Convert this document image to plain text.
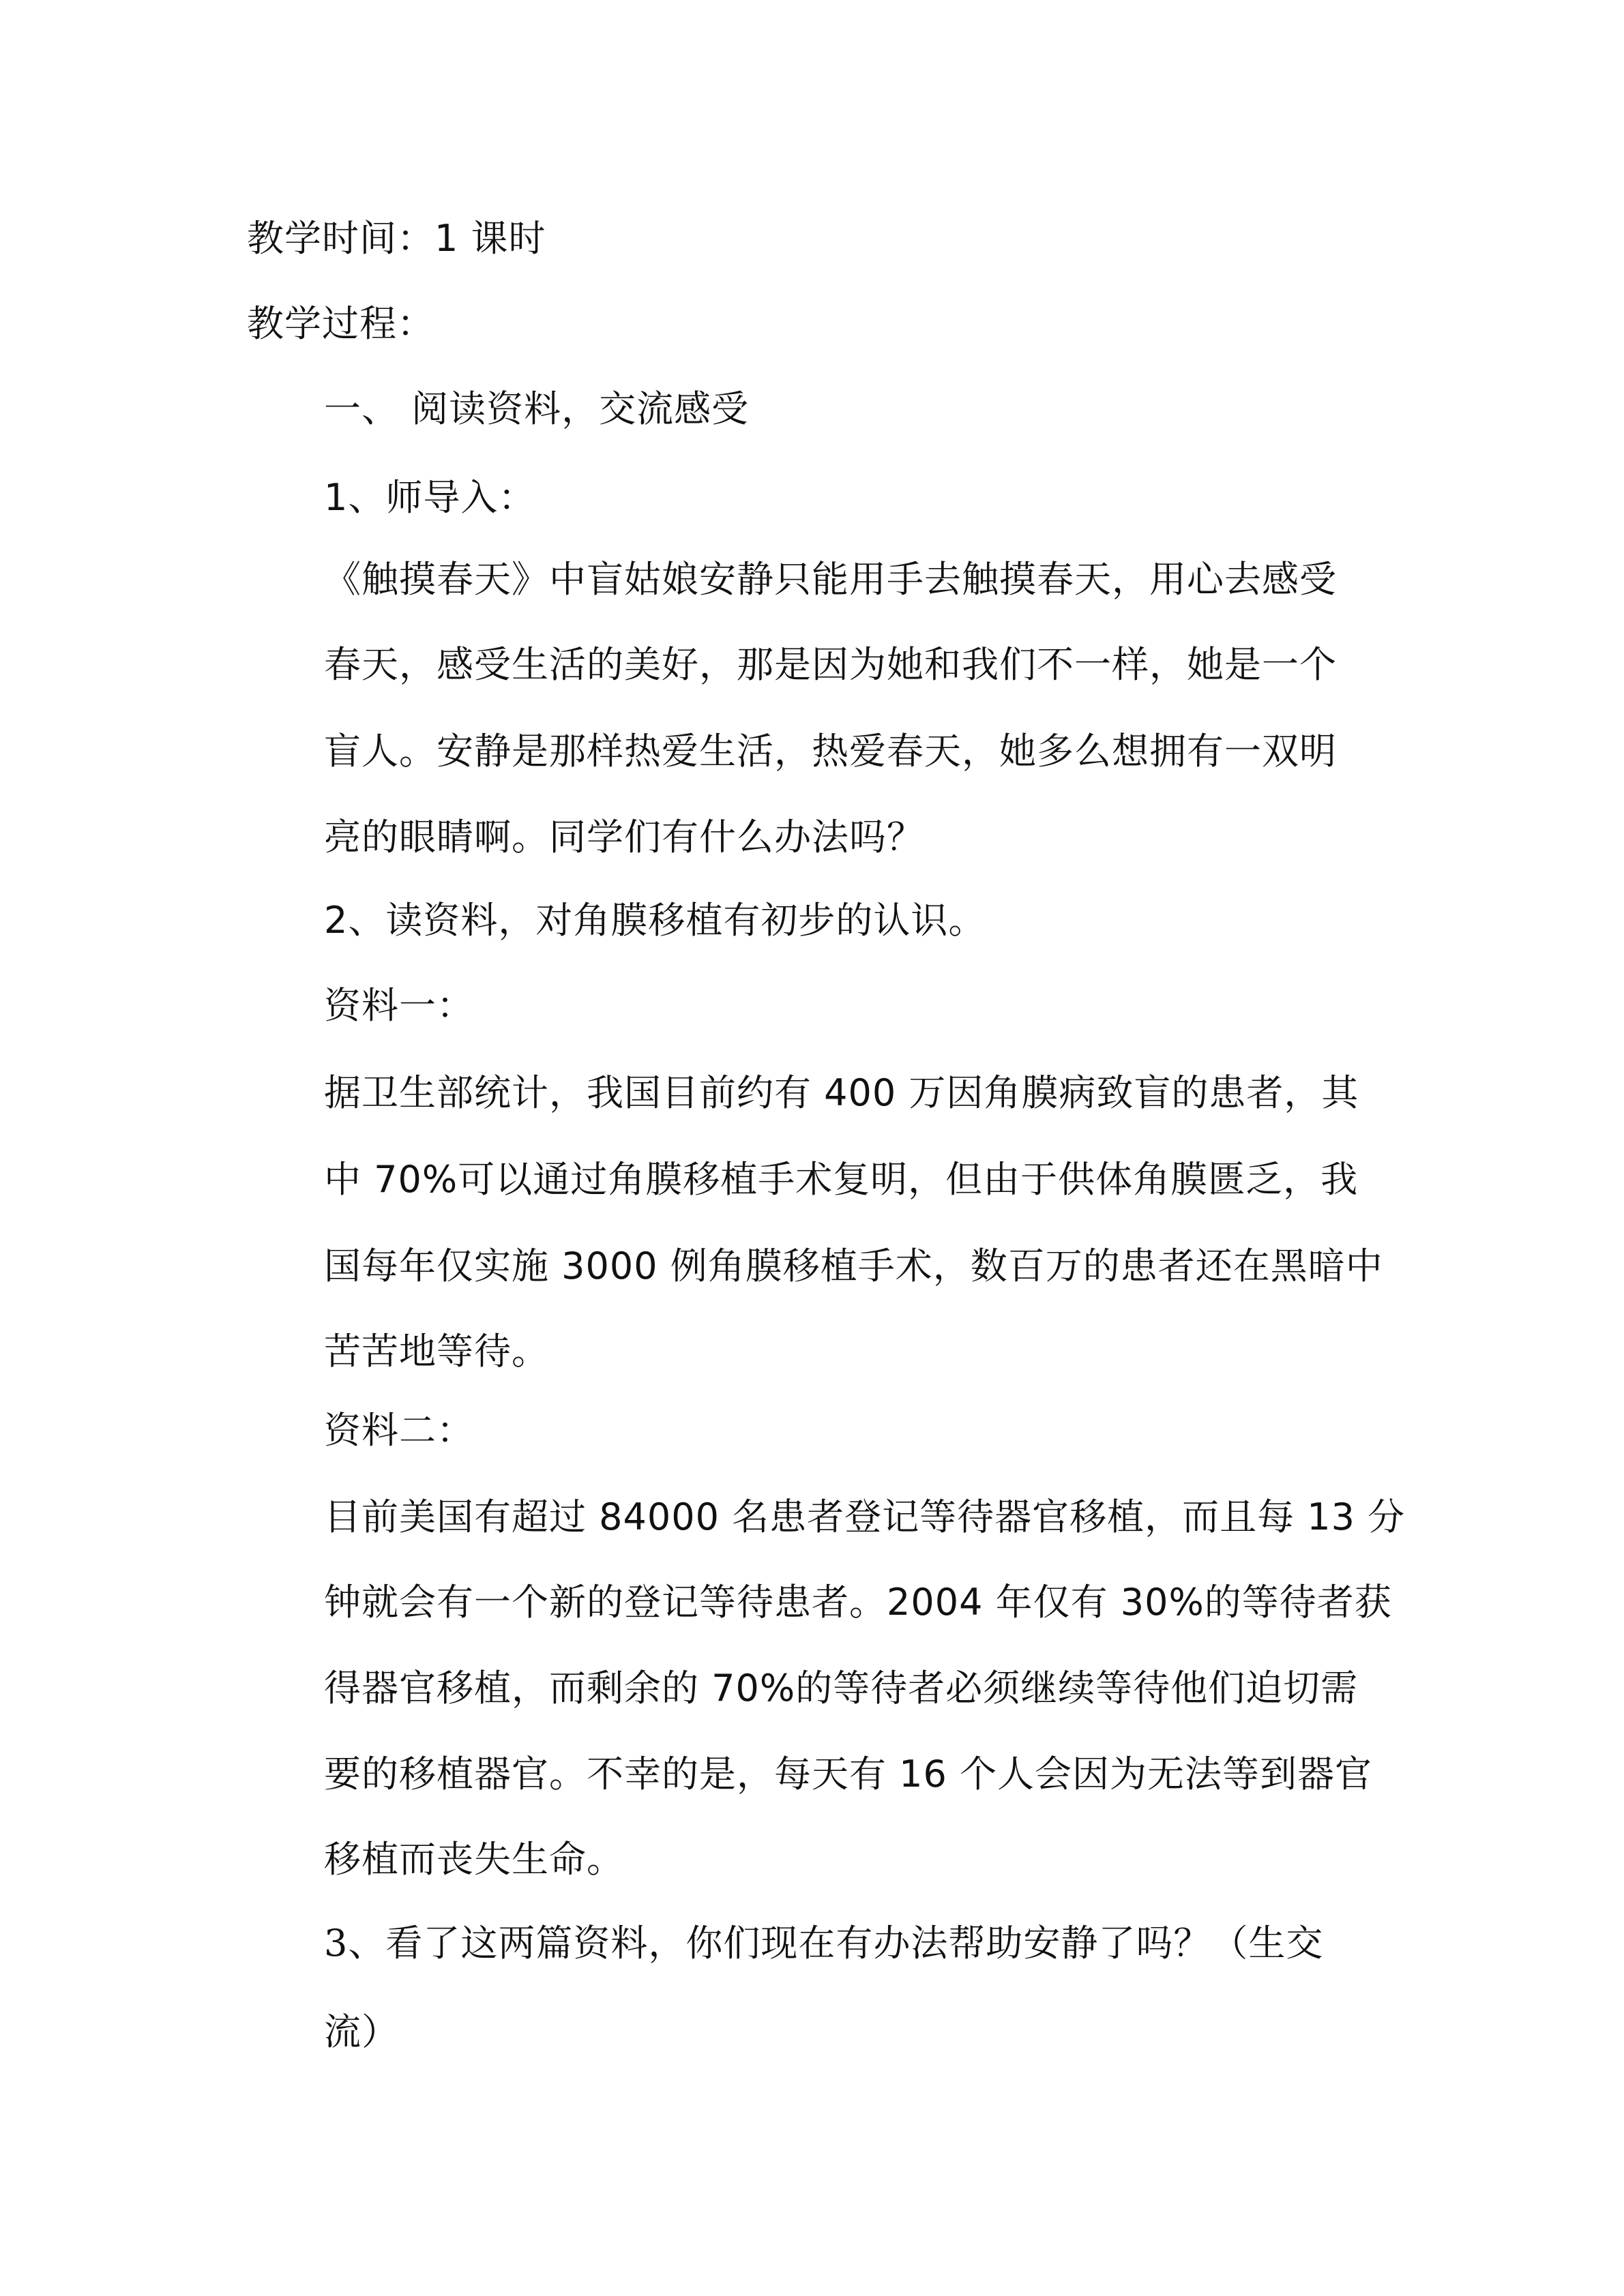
教学时间：1 课时
教学过程：
一、 阅读资料，交流感受
1、师导入：
《触摸春天》中盲姑娘安静只能用手去触摸春天，用心去感受
春天，感受生活的美好，那是因为她和我们不一样，她是一个
盲人。安静是那样热爱生活，热爱春天，她多么想拥有一双明
亮的眼睛啊。同学们有什么办法吗？
2、读资料，对角膜移植有初步的认识。
资料一：
据卫生部统计，我国目前约有 400 万因角膜病致盲的患者，其
中 70%可以通过角膜移植手术复明，但由于供体角膜匮乏，我
国每年仅实施 3000 例角膜移植手术，数百万的患者还在黑暗中
苦苦地等待。
资料二：
目前美国有超过 84000 名患者登记等待器官移植，而且每 13 分
钟就会有一个新的登记等待患者。2004 年仅有 30%的等待者获
得器官移植，而剩余的 70%的等待者必须继续等待他们迫切需
要的移植器官。不幸的是，每天有 16 个人会因为无法等到器官
移植而丧失生命。
3、看了这两篇资料，你们现在有办法帮助安静了吗？（生交
流）
